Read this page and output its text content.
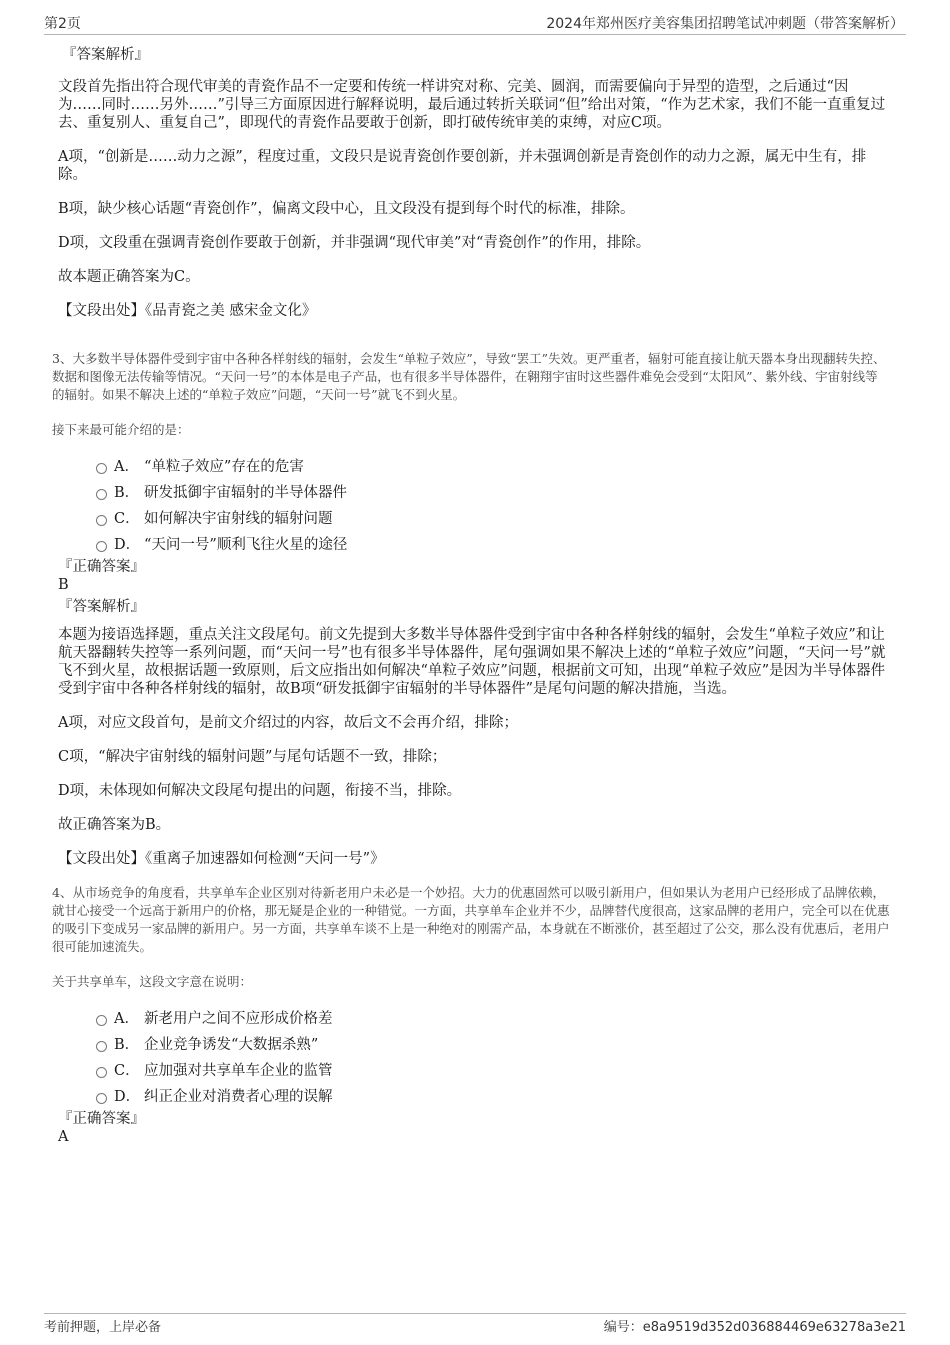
第2页	2024年郑州医疗美容集团招聘笔试冲刺题（带答案解析）
『答案解析』

文段首先指出符合现代审美的青瓷作品不一定要和传统一样讲究对称、完美、圆润，而需要偏向于异型的造型，之后通过“因为……同时……另外……”引导三方面原因进行解释说明，最后通过转折关联词“但”给出对策，“作为艺术家，我们不能一直重复过去、重复别人、重复自己”，即现代的青瓷作品要敢于创新，即打破传统审美的束缚，对应C项。

A项，“创新是……动力之源”，程度过重，文段只是说青瓷创作要创新，并未强调创新是青瓷创作的动力之源，属无中生有，排除。

B项，缺少核心话题“青瓷创作”，偏离文段中心，且文段没有提到每个时代的标准，排除。

D项，文段重在强调青瓷创作要敢于创新，并非强调“现代审美”对“青瓷创作”的作用，排除。

故本题正确答案为C。

【文段出处】《品青瓷之美 感宋金文化》

3、大多数半导体器件受到宇宙中各种各样射线的辐射，会发生“单粒子效应”，导致“罢工”失效。更严重者，辐射可能直接让航天器本身出现翻转失控、数据和图像无法传输等情况。“天问一号”的本体是电子产品，也有很多半导体器件，在翱翔宇宙时这些器件难免会受到“太阳风”、紫外线、宇宙射线等的辐射。如果不解决上述的“单粒子效应”问题，“天问一号”就飞不到火星。

接下来最可能介绍的是：

A． “单粒子效应”存在的危害
B． 研发抵御宇宙辐射的半导体器件
C． 如何解决宇宙射线的辐射问题
D． “天问一号”顺利飞往火星的途径
『正确答案』
B
『答案解析』

本题为接语选择题，重点关注文段尾句。前文先提到大多数半导体器件受到宇宙中各种各样射线的辐射，会发生“单粒子效应”和让航天器翻转失控等一系列问题，而“天问一号”也有很多半导体器件，尾句强调如果不解决上述的“单粒子效应”问题，“天问一号”就飞不到火星，故根据话题一致原则，后文应指出如何解决“单粒子效应”问题，根据前文可知，出现“单粒子效应”是因为半导体器件受到宇宙中各种各样射线的辐射，故B项“研发抵御宇宙辐射的半导体器件”是尾句问题的解决措施，当选。

A项，对应文段首句，是前文介绍过的内容，故后文不会再介绍，排除；

C项，“解决宇宙射线的辐射问题”与尾句话题不一致，排除；

D项，未体现如何解决文段尾句提出的问题，衔接不当，排除。

故正确答案为B。

【文段出处】《重离子加速器如何检测“天问一号”》

4、从市场竞争的角度看，共享单车企业区别对待新老用户未必是一个妙招。大力的优惠固然可以吸引新用户，但如果认为老用户已经形成了品牌依赖，就甘心接受一个远高于新用户的价格，那无疑是企业的一种错觉。一方面，共享单车企业并不少，品牌替代度很高，这家品牌的老用户，完全可以在优惠的吸引下变成另一家品牌的新用户。另一方面，共享单车谈不上是一种绝对的刚需产品，本身就在不断涨价，甚至超过了公交，那么没有优惠后，老用户很可能加速流失。

关于共享单车，这段文字意在说明：

A． 新老用户之间不应形成价格差
B． 企业竞争诱发“大数据杀熟”
C． 应加强对共享单车企业的监管
D． 纠正企业对消费者心理的误解
『正确答案』
A
考前押题，上岸必备	编号：e8a9519d352d036884469e63278a3e21
